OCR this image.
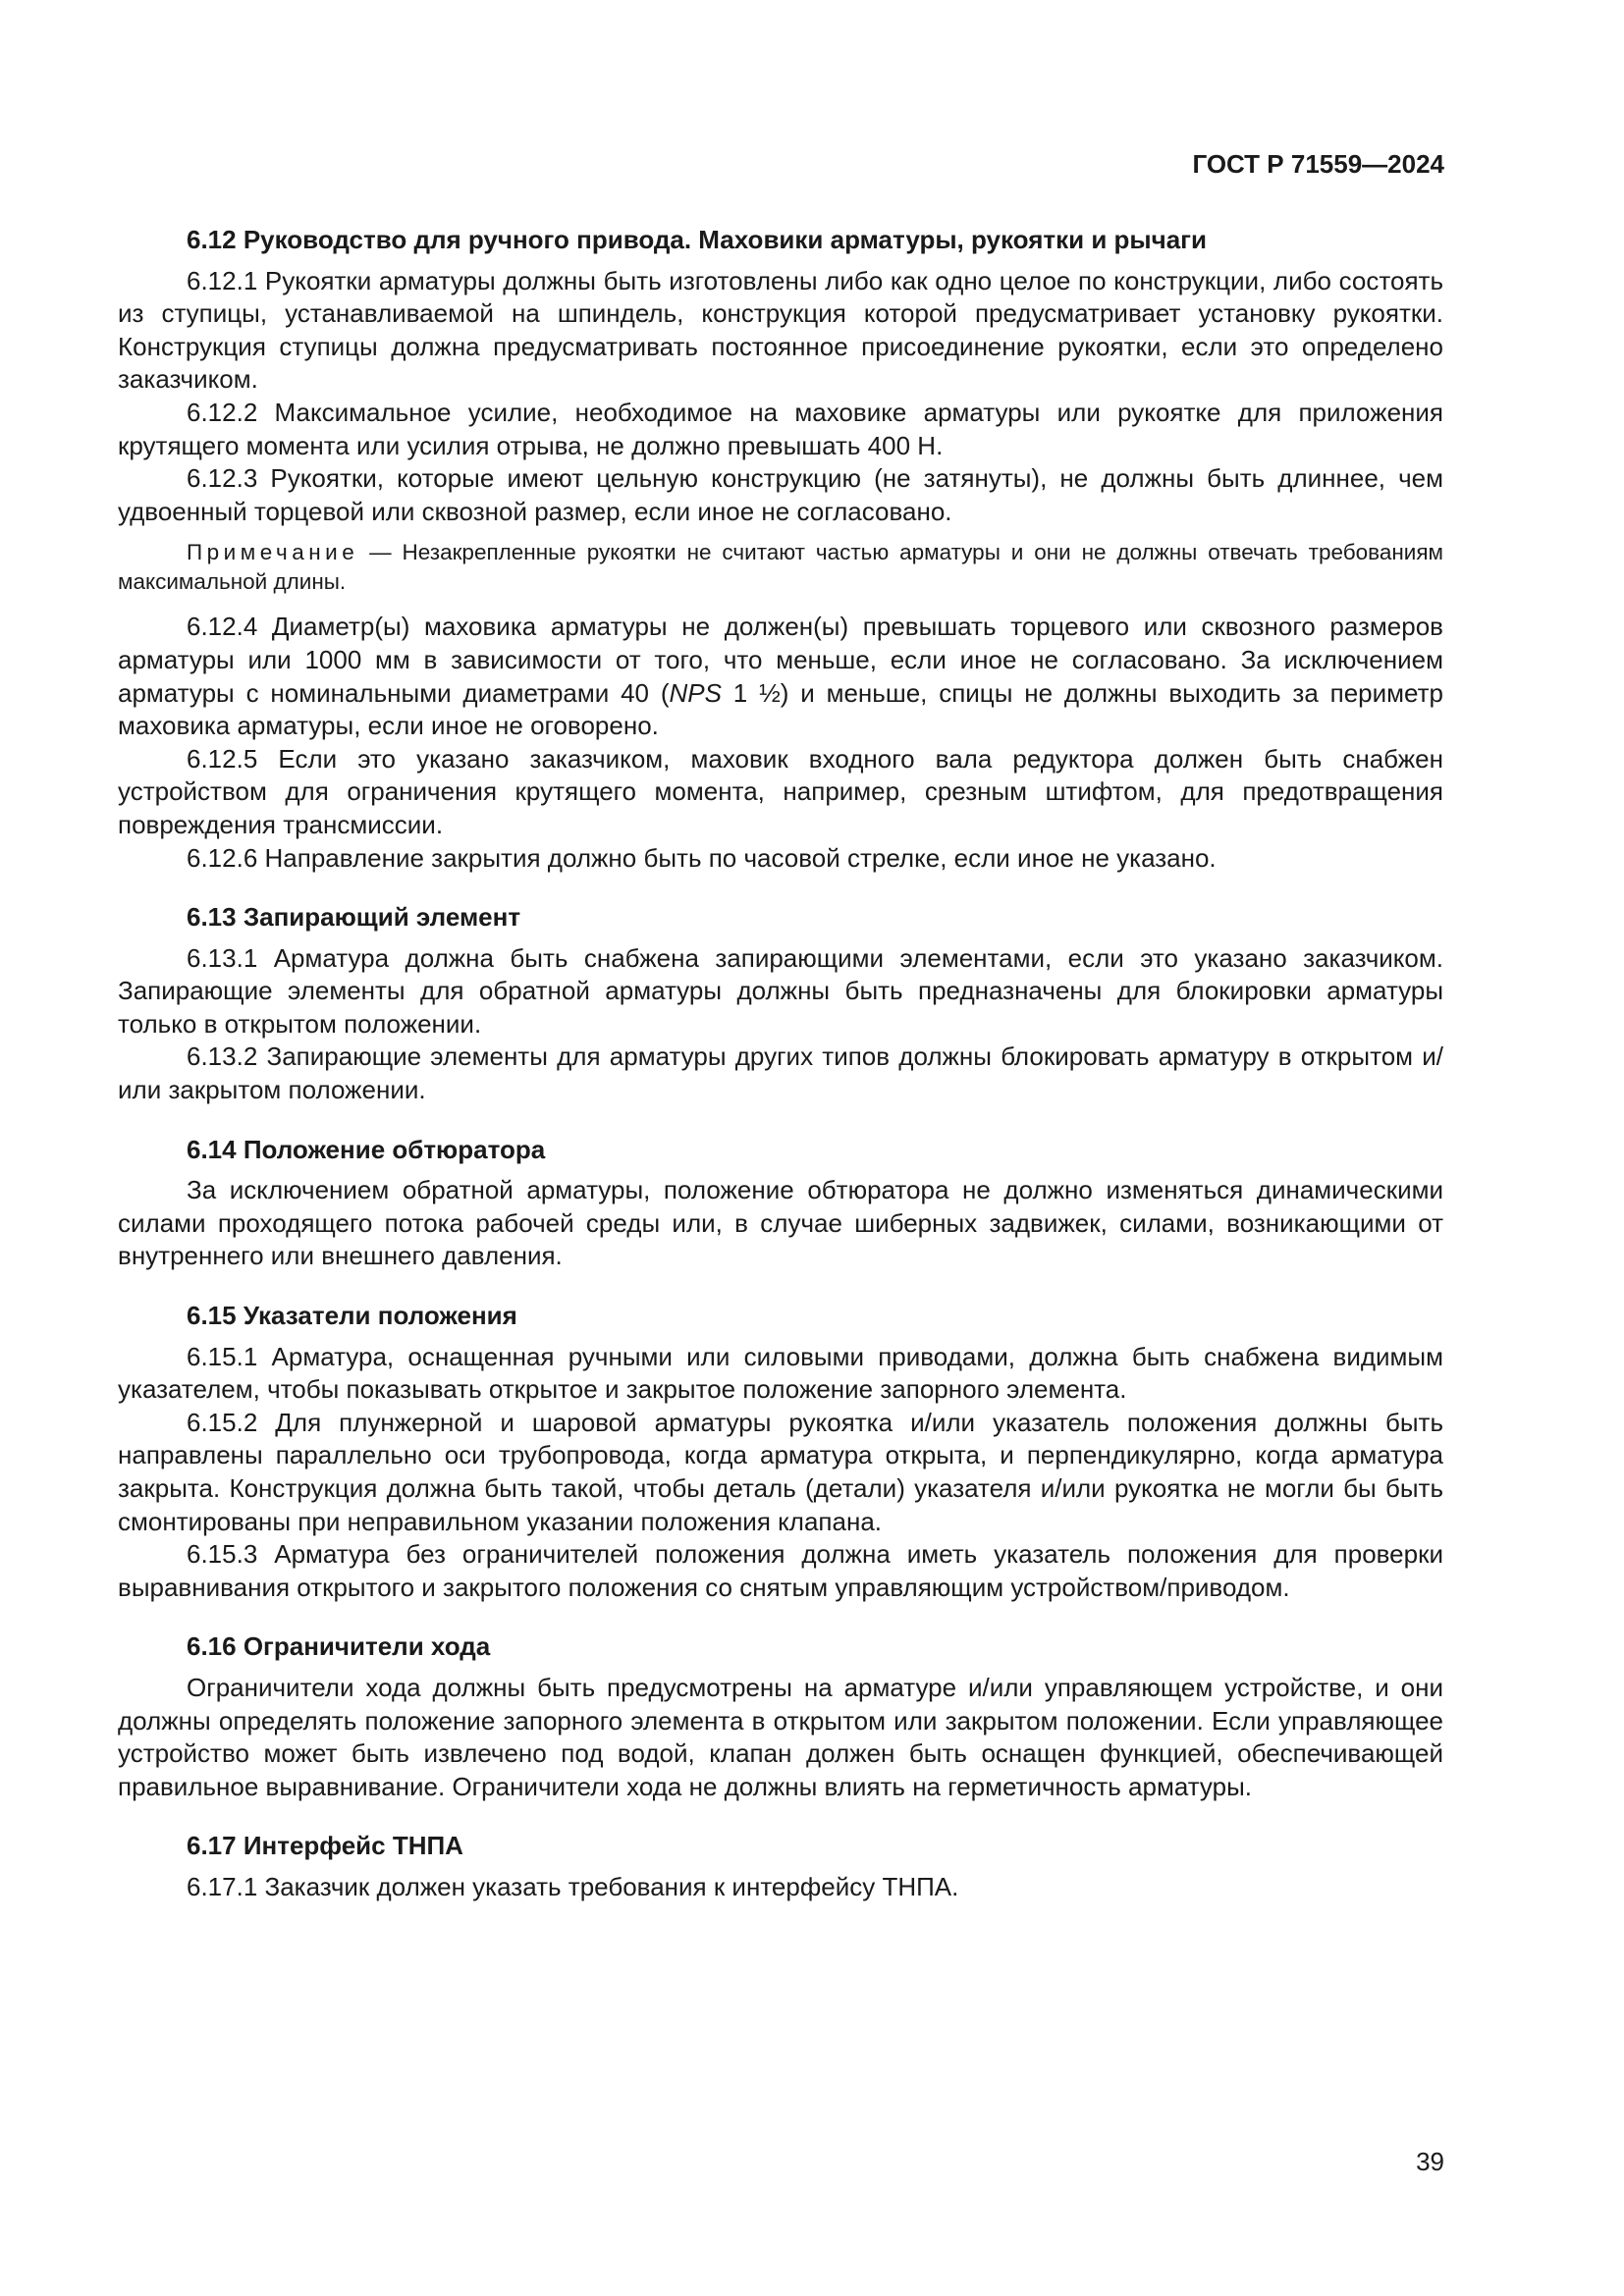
ГОСТ Р 71559—2024
6.12 Руководство для ручного привода. Маховики арматуры, рукоятки и рычаги

6.12.1 Рукоятки арматуры должны быть изготовлены либо как одно целое по конструкции, либо состоять из ступицы, устанавливаемой на шпиндель, конструкция которой предусматривает установку рукоятки. Конструкция ступицы должна предусматривать постоянное присоединение рукоятки, если это определено заказчиком.

6.12.2 Максимальное усилие, необходимое на маховике арматуры или рукоятке для приложения крутящего момента или усилия отрыва, не должно превышать 400 Н.

6.12.3 Рукоятки, которые имеют цельную конструкцию (не затянуты), не должны быть длиннее, чем удвоенный торцевой или сквозной размер, если иное не согласовано.

Примечание — Незакрепленные рукоятки не считают частью арматуры и они не должны отвечать требованиям максимальной длины.

6.12.4 Диаметр(ы) маховика арматуры не должен(ы) превышать торцевого или сквозного размеров арматуры или 1000 мм в зависимости от того, что меньше, если иное не согласовано. За исключением арматуры с номинальными диаметрами 40 (NPS 1 ½) и меньше, спицы не должны выходить за периметр маховика арматуры, если иное не оговорено.

6.12.5 Если это указано заказчиком, маховик входного вала редуктора должен быть снабжен устройством для ограничения крутящего момента, например, срезным штифтом, для предотвращения повреждения трансмиссии.

6.12.6 Направление закрытия должно быть по часовой стрелке, если иное не указано.

6.13 Запирающий элемент

6.13.1 Арматура должна быть снабжена запирающими элементами, если это указано заказчиком. Запирающие элементы для обратной арматуры должны быть предназначены для блокировки арматуры только в открытом положении.

6.13.2 Запирающие элементы для арматуры других типов должны блокировать арматуру в открытом и/или закрытом положении.

6.14 Положение обтюратора

За исключением обратной арматуры, положение обтюратора не должно изменяться динамическими силами проходящего потока рабочей среды или, в случае шиберных задвижек, силами, возникающими от внутреннего или внешнего давления.

6.15 Указатели положения

6.15.1 Арматура, оснащенная ручными или силовыми приводами, должна быть снабжена видимым указателем, чтобы показывать открытое и закрытое положение запорного элемента.

6.15.2 Для плунжерной и шаровой арматуры рукоятка и/или указатель положения должны быть направлены параллельно оси трубопровода, когда арматура открыта, и перпендикулярно, когда арматура закрыта. Конструкция должна быть такой, чтобы деталь (детали) указателя и/или рукоятка не могли бы быть смонтированы при неправильном указании положения клапана.

6.15.3 Арматура без ограничителей положения должна иметь указатель положения для проверки выравнивания открытого и закрытого положения со снятым управляющим устройством/приводом.

6.16 Ограничители хода

Ограничители хода должны быть предусмотрены на арматуре и/или управляющем устройстве, и они должны определять положение запорного элемента в открытом или закрытом положении. Если управляющее устройство может быть извлечено под водой, клапан должен быть оснащен функцией, обеспечивающей правильное выравнивание. Ограничители хода не должны влиять на герметичность арматуры.

6.17 Интерфейс ТНПА

6.17.1 Заказчик должен указать требования к интерфейсу ТНПА.

39
